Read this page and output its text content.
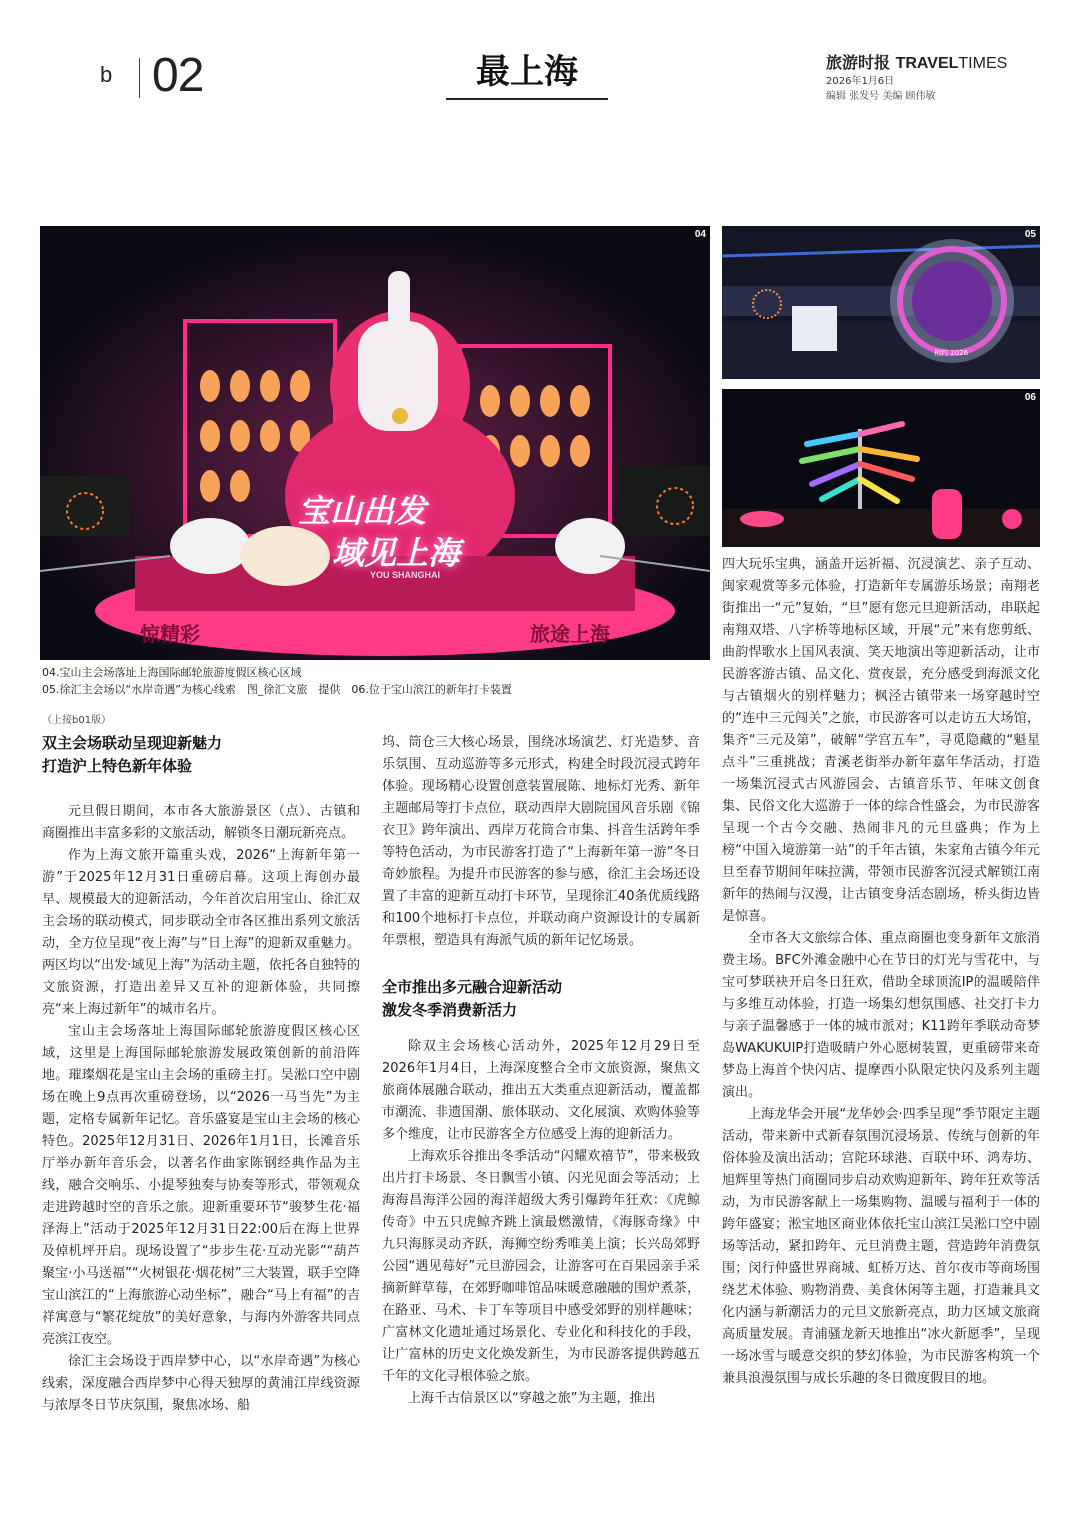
b 02	最上海	旅游时报 TRAVELTIMES
2026年1月6日
编辑 张发号 美编 顾伟敏
宝山出发
域见上海
YOU SHANGHAI
惊精彩	旅途上海
04
相约 2026
05
06
04.宝山主会场落址上海国际邮轮旅游度假区核心区域
05.徐汇主会场以“水岸奇遇”为核心线索　图_徐汇文旅　提供　06.位于宝山滨江的新年打卡装置
（上接b01版）
双主会场联动呈现迎新魅力
打造沪上特色新年体验

元旦假日期间，本市各大旅游景区（点）、古镇和商圈推出丰富多彩的文旅活动，解锁冬日潮玩新亮点。

作为上海文旅开篇重头戏，2026“上海新年第一游”于2025年12月31日重磅启幕。这项上海创办最早、规模最大的迎新活动，今年首次启用宝山、徐汇双主会场的联动模式，同步联动全市各区推出系列文旅活动，全方位呈现“夜上海”与“日上海”的迎新双重魅力。两区均以“出发·域见上海”为活动主题，依托各自独特的文旅资源，打造出差异又互补的迎新体验，共同擦亮“来上海过新年”的城市名片。

宝山主会场落址上海国际邮轮旅游度假区核心区域，这里是上海国际邮轮旅游发展政策创新的前沿阵地。璀璨烟花是宝山主会场的重磅主打。吴淞口空中剧场在晚上9点再次重磅登场，以“2026一马当先”为主题，定格专属新年记忆。音乐盛宴是宝山主会场的核心特色。2025年12月31日、2026年1月1日，长滩音乐厅举办新年音乐会，以著名作曲家陈钢经典作品为主线，融合交响乐、小提琴独奏与协奏等形式，带领观众走进跨越时空的音乐之旅。迎新重要环节“骏梦生花·福泽海上”活动于2025年12月31日22:00后在海上世界及倬机坪开启。现场设置了“步步生花·互动光影”“葫芦聚宝·小马送福”“火树银花·烟花树”三大装置，联手空降宝山滨江的“上海旅游心动坐标”，融合“马上有福”的吉祥寓意与“繁花绽放”的美好意象，与海内外游客共同点亮滨江夜空。

徐汇主会场设于西岸梦中心，以“水岸奇遇”为核心线索，深度融合西岸梦中心得天独厚的黄浦江岸线资源与浓厚冬日节庆氛围，聚焦冰场、船

坞、筒仓三大核心场景，围绕冰场演艺、灯光造梦、音乐氛围、互动巡游等多元形式，构建全时段沉浸式跨年体验。现场精心设置创意装置展陈、地标灯光秀、新年主题邮局等打卡点位，联动西岸大剧院国风音乐剧《锦衣卫》跨年演出、西岸万花筒合市集、抖音生活跨年季等特色活动，为市民游客打造了“上海新年第一游”冬日奇妙旅程。为提升市民游客的参与感，徐汇主会场还设置了丰富的迎新互动打卡环节，呈现徐汇40条优质线路和100个地标打卡点位，并联动商户资源设计的专属新年票根，塑造具有海派气质的新年记忆场景。

全市推出多元融合迎新活动
激发冬季消费新活力

除双主会场核心活动外，2025年12月29日至2026年1月4日，上海深度整合全市文旅资源，聚焦文旅商体展融合联动，推出五大类重点迎新活动，覆盖都市潮流、非遗国潮、旅体联动、文化展演、欢购体验等多个维度，让市民游客全方位感受上海的迎新活力。

上海欢乐谷推出冬季活动“闪耀欢禧节”，带来极致出片打卡场景、冬日飘雪小镇、闪光见面会等活动；上海海昌海洋公园的海洋超级大秀引爆跨年狂欢：《虎鲸传奇》中五只虎鲸齐跳上演最燃激情，《海豚奇缘》中九只海豚灵动齐跃，海狮空纷秀唯美上演；长兴岛郊野公园“遇见莓好”元旦游园会，让游客可在百果园亲手采摘新鲜草莓，在郊野咖啡馆品味暖意融融的围炉煮茶，在路亚、马术、卡丁车等项目中感受郊野的别样趣味；广富林文化遗址通过场景化、专业化和科技化的手段，让广富林的历史文化焕发新生，为市民游客提供跨越五千年的文化寻根体验之旅。

上海千古信景区以“穿越之旅”为主题，推出

四大玩乐宝典，涵盖开运祈福、沉浸演艺、亲子互动、闽家观赏等多元体验，打造新年专属游乐场景；南翔老街推出一“元”复始，“旦”愿有您元旦迎新活动，串联起南翔双塔、八字桥等地标区域，开展“元”来有您剪纸、曲韵悍歌水上国风表演、笑天地演出等迎新活动，让市民游客游古镇、品文化、赏夜景，充分感受到海派文化与古镇烟火的别样魅力；枫泾古镇带来一场穿越时空的“连中三元闯关”之旅，市民游客可以走访五大场馆，集齐“三元及第”，破解“学宫五车”，寻觅隐藏的“魁星点斗”三重挑战；青溪老街举办新年嘉年华活动，打造一场集沉浸式古风游园会、古镇音乐节、年味文创食集、民俗文化大巡游于一体的综合性盛会，为市民游客呈现一个古今交融、热闹非凡的元旦盛典；作为上榜“中国入境游第一站”的千年古镇，朱家角古镇今年元旦至春节期间年味拉满，带领市民游客沉浸式解锁江南新年的热闹与汉漫，让古镇变身活态剧场，桥头街边皆是惊喜。

全市各大文旅综合体、重点商圈也变身新年文旅消费主场。BFC外滩金融中心在节日的灯光与雪花中，与宝可梦联袂开启冬日狂欢，借助全球顶流IP的温暖陪伴与多维互动体验，打造一场集幻想氛围感、社交打卡力与亲子温馨感于一体的城市派对；K11跨年季联动奇梦岛WAKUKUIP打造吸睛户外心愿树装置，更重磅带来奇梦岛上海首个快闪店、提摩西小队限定快闪及系列主题演出。

上海龙华会开展“龙华妙会·四季呈现”季节限定主题活动，带来新中式新春氛围沉浸场景、传统与创新的年俗体验及演出活动；宫陀环球港、百联中环、鸿寿坊、旭辉里等热门商圈同步启动欢购迎新年、跨年狂欢等活动，为市民游客献上一场集购物、温暖与福利于一体的跨年盛宴；淞宝地区商业体依托宝山滨江吴淞口空中剧场等活动，紧扣跨年、元旦消费主题，营造跨年消费氛围；闵行仲盛世界商城、虹桥万达、首尔夜市等商场围绕艺术体验、购物消费、美食休闲等主题，打造兼具文化内涵与新潮活力的元旦文旅新亮点，助力区域文旅商高质量发展。青浦骚龙新天地推出“冰火新愿季”，呈现一场冰雪与暖意交织的梦幻体验，为市民游客构筑一个兼具浪漫氛围与成长乐趣的冬日微度假目的地。
